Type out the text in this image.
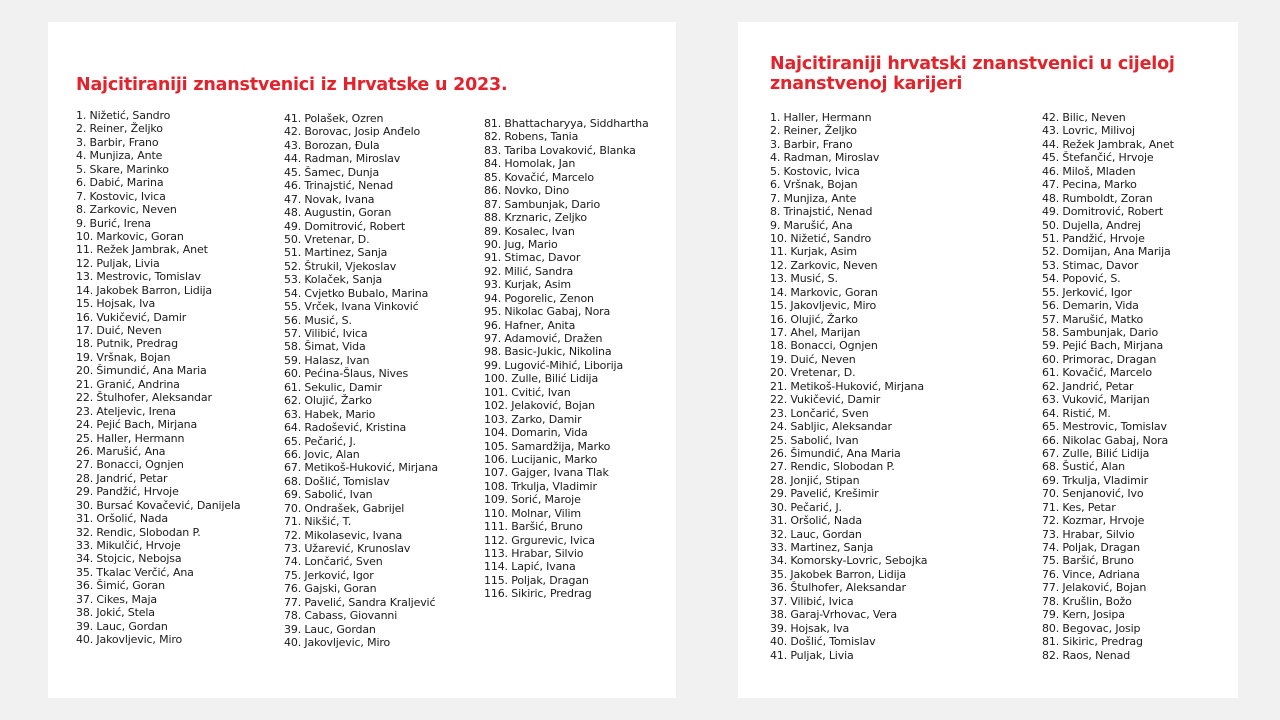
Najcitiraniji znanstvenici iz Hrvatske u 2023.
1. Nižetić, Sandro
2. Reiner, Željko
3. Barbir, Frano
4. Munjiza, Ante
5. Skare, Marinko
6. Dabić, Marina
7. Kostovic, Ivica
8. Zarkovic, Neven
9. Burić, Irena
10. Markovic, Goran
11. Režek Jambrak, Anet
12. Puljak, Livia
13. Mestrovic, Tomislav
14. Jakobek Barron, Lidija
15. Hojsak, Iva
16. Vukičević, Damir
17. Duić, Neven
18. Putnik, Predrag
19. Vršnak, Bojan
20. Šimundić, Ana Maria
21. Granić, Andrina
22. Štulhofer, Aleksandar
23. Ateljevic, Irena
24. Pejić Bach, Mirjana
25. Haller, Hermann
26. Marušić, Ana
27. Bonacci, Ognjen
28. Jandrić, Petar
29. Pandžić, Hrvoje
30. Bursać Kovačević, Danijela
31. Oršolić, Nada
32. Rendic, Slobodan P.
33. Mikulčić, Hrvoje
34. Stojcic, Nebojsa
35. Tkalac Verčić, Ana
36. Šimić, Goran
37. Cikes, Maja
38. Jokić, Stela
39. Lauc, Gordan
40. Jakovljevic, Miro
41. Polašek, Ozren
42. Borovac, Josip Anđelo
43. Borozan, Đula
44. Radman, Miroslav
45. Šamec, Dunja
46. Trinajstić, Nenad
47. Novak, Ivana
48. Augustin, Goran
49. Domitrović, Robert
50. Vretenar, D.
51. Martinez, Sanja
52. Štrukil, Vjekoslav
53. Kolaček, Sanja
54. Cvjetko Bubalo, Marina
55. Vrček, Ivana Vinković
56. Musić, S.
57. Vilibić, Ivica
58. Šimat, Vida
59. Halasz, Ivan
60. Pećina-Šlaus, Nives
61. Sekulic, Damir
62. Olujić, Žarko
63. Habek, Mario
64. Radošević, Kristina
65. Pečarić, J.
66. Jovic, Alan
67. Metikoš-Huković, Mirjana
68. Došlić, Tomislav
69. Sabolić, Ivan
70. Ondrašek, Gabrijel
71. Nikšić, T.
72. Mikolasevic, Ivana
73. Užarević, Krunoslav
74. Lončarić, Sven
75. Jerković, Igor
76. Gajski, Goran
77. Pavelić, Sandra Kraljević
78. Cabass, Giovanni
39. Lauc, Gordan
40. Jakovljevic, Miro
81. Bhattacharyya, Siddhartha
82. Robens, Tania
83. Tariba Lovaković, Blanka
84. Homolak, Jan
85. Kovačić, Marcelo
86. Novko, Dino
87. Sambunjak, Dario
88. Krznaric, Zeljko
89. Kosalec, Ivan
90. Jug, Mario
91. Stimac, Davor
92. Milić, Sandra
93. Kurjak, Asim
94. Pogorelic, Zenon
95. Nikolac Gabaj, Nora
96. Hafner, Anita
97. Adamović, Dražen
98. Basic-Jukic, Nikolina
99. Lugović-Mihić, Liborija
100. Zulle, Bilić Lidija
101. Cvitić, Ivan
102. Jelaković, Bojan
103. Zarko, Damir
104. Domarin, Vida
105. Samardžija, Marko
106. Lucijanic, Marko
107. Gajger, Ivana Tlak
108. Trkulja, Vladimir
109. Sorić, Maroje
110. Molnar, Vilim
111. Baršić, Bruno
112. Grgurevic, Ivica
113. Hrabar, Silvio
114. Lapić, Ivana
115. Poljak, Dragan
116. Sikiric, Predrag
Najcitiraniji hrvatski znanstvenici u cijeloj znanstvenoj karijeri
1. Haller, Hermann
2. Reiner, Željko
3. Barbir, Frano
4. Radman, Miroslav
5. Kostovic, Ivica
6. Vršnak, Bojan
7. Munjiza, Ante
8. Trinajstić, Nenad
9. Marušić, Ana
10. Nižetić, Sandro
11. Kurjak, Asim
12. Zarkovic, Neven
13. Musić, S.
14. Markovic, Goran
15. Jakovljevic, Miro
16. Olujić, Žarko
17. Ahel, Marijan
18. Bonacci, Ognjen
19. Duić, Neven
20. Vretenar, D.
21. Metikoš-Huković, Mirjana
22. Vukičević, Damir
23. Lončarić, Sven
24. Sabljic, Aleksandar
25. Sabolić, Ivan
26. Šimundić, Ana Maria
27. Rendic, Slobodan P.
28. Jonjić, Stipan
29. Pavelić, Krešimir
30. Pečarić, J.
31. Oršolić, Nada
32. Lauc, Gordan
33. Martinez, Sanja
34. Komorsky-Lovric, Sebojka
35. Jakobek Barron, Lidija
36. Štulhofer, Aleksandar
37. Vilibić, Ivica
38. Garaj-Vrhovac, Vera
39. Hojsak, Iva
40. Došlić, Tomislav
41. Puljak, Livia
42. Bilic, Neven
43. Lovric, Milivoj
44. Režek Jambrak, Anet
45. Štefančić, Hrvoje
46. Miloš, Mladen
47. Pecina, Marko
48. Rumboldt, Zoran
49. Domitrović, Robert
50. Dujella, Andrej
51. Pandžić, Hrvoje
52. Domijan, Ana Marija
53. Stimac, Davor
54. Popović, S.
55. Jerković, Igor
56. Demarin, Vida
57. Marušić, Matko
58. Sambunjak, Dario
59. Pejić Bach, Mirjana
60. Primorac, Dragan
61. Kovačić, Marcelo
62. Jandrić, Petar
63. Vuković, Marijan
64. Ristić, M.
65. Mestrovic, Tomislav
66. Nikolac Gabaj, Nora
67. Zulle, Bilić Lidija
68. Šustić, Alan
69. Trkulja, Vladimir
70. Senjanović, Ivo
71. Kes, Petar
72. Kozmar, Hrvoje
73. Hrabar, Silvio
74. Poljak, Dragan
75. Baršić, Bruno
76. Vince, Adriana
77. Jelaković, Bojan
78. Krušlin, Božo
79. Kern, Josipa
80. Begovac, Josip
81. Sikiric, Predrag
82. Raos, Nenad
